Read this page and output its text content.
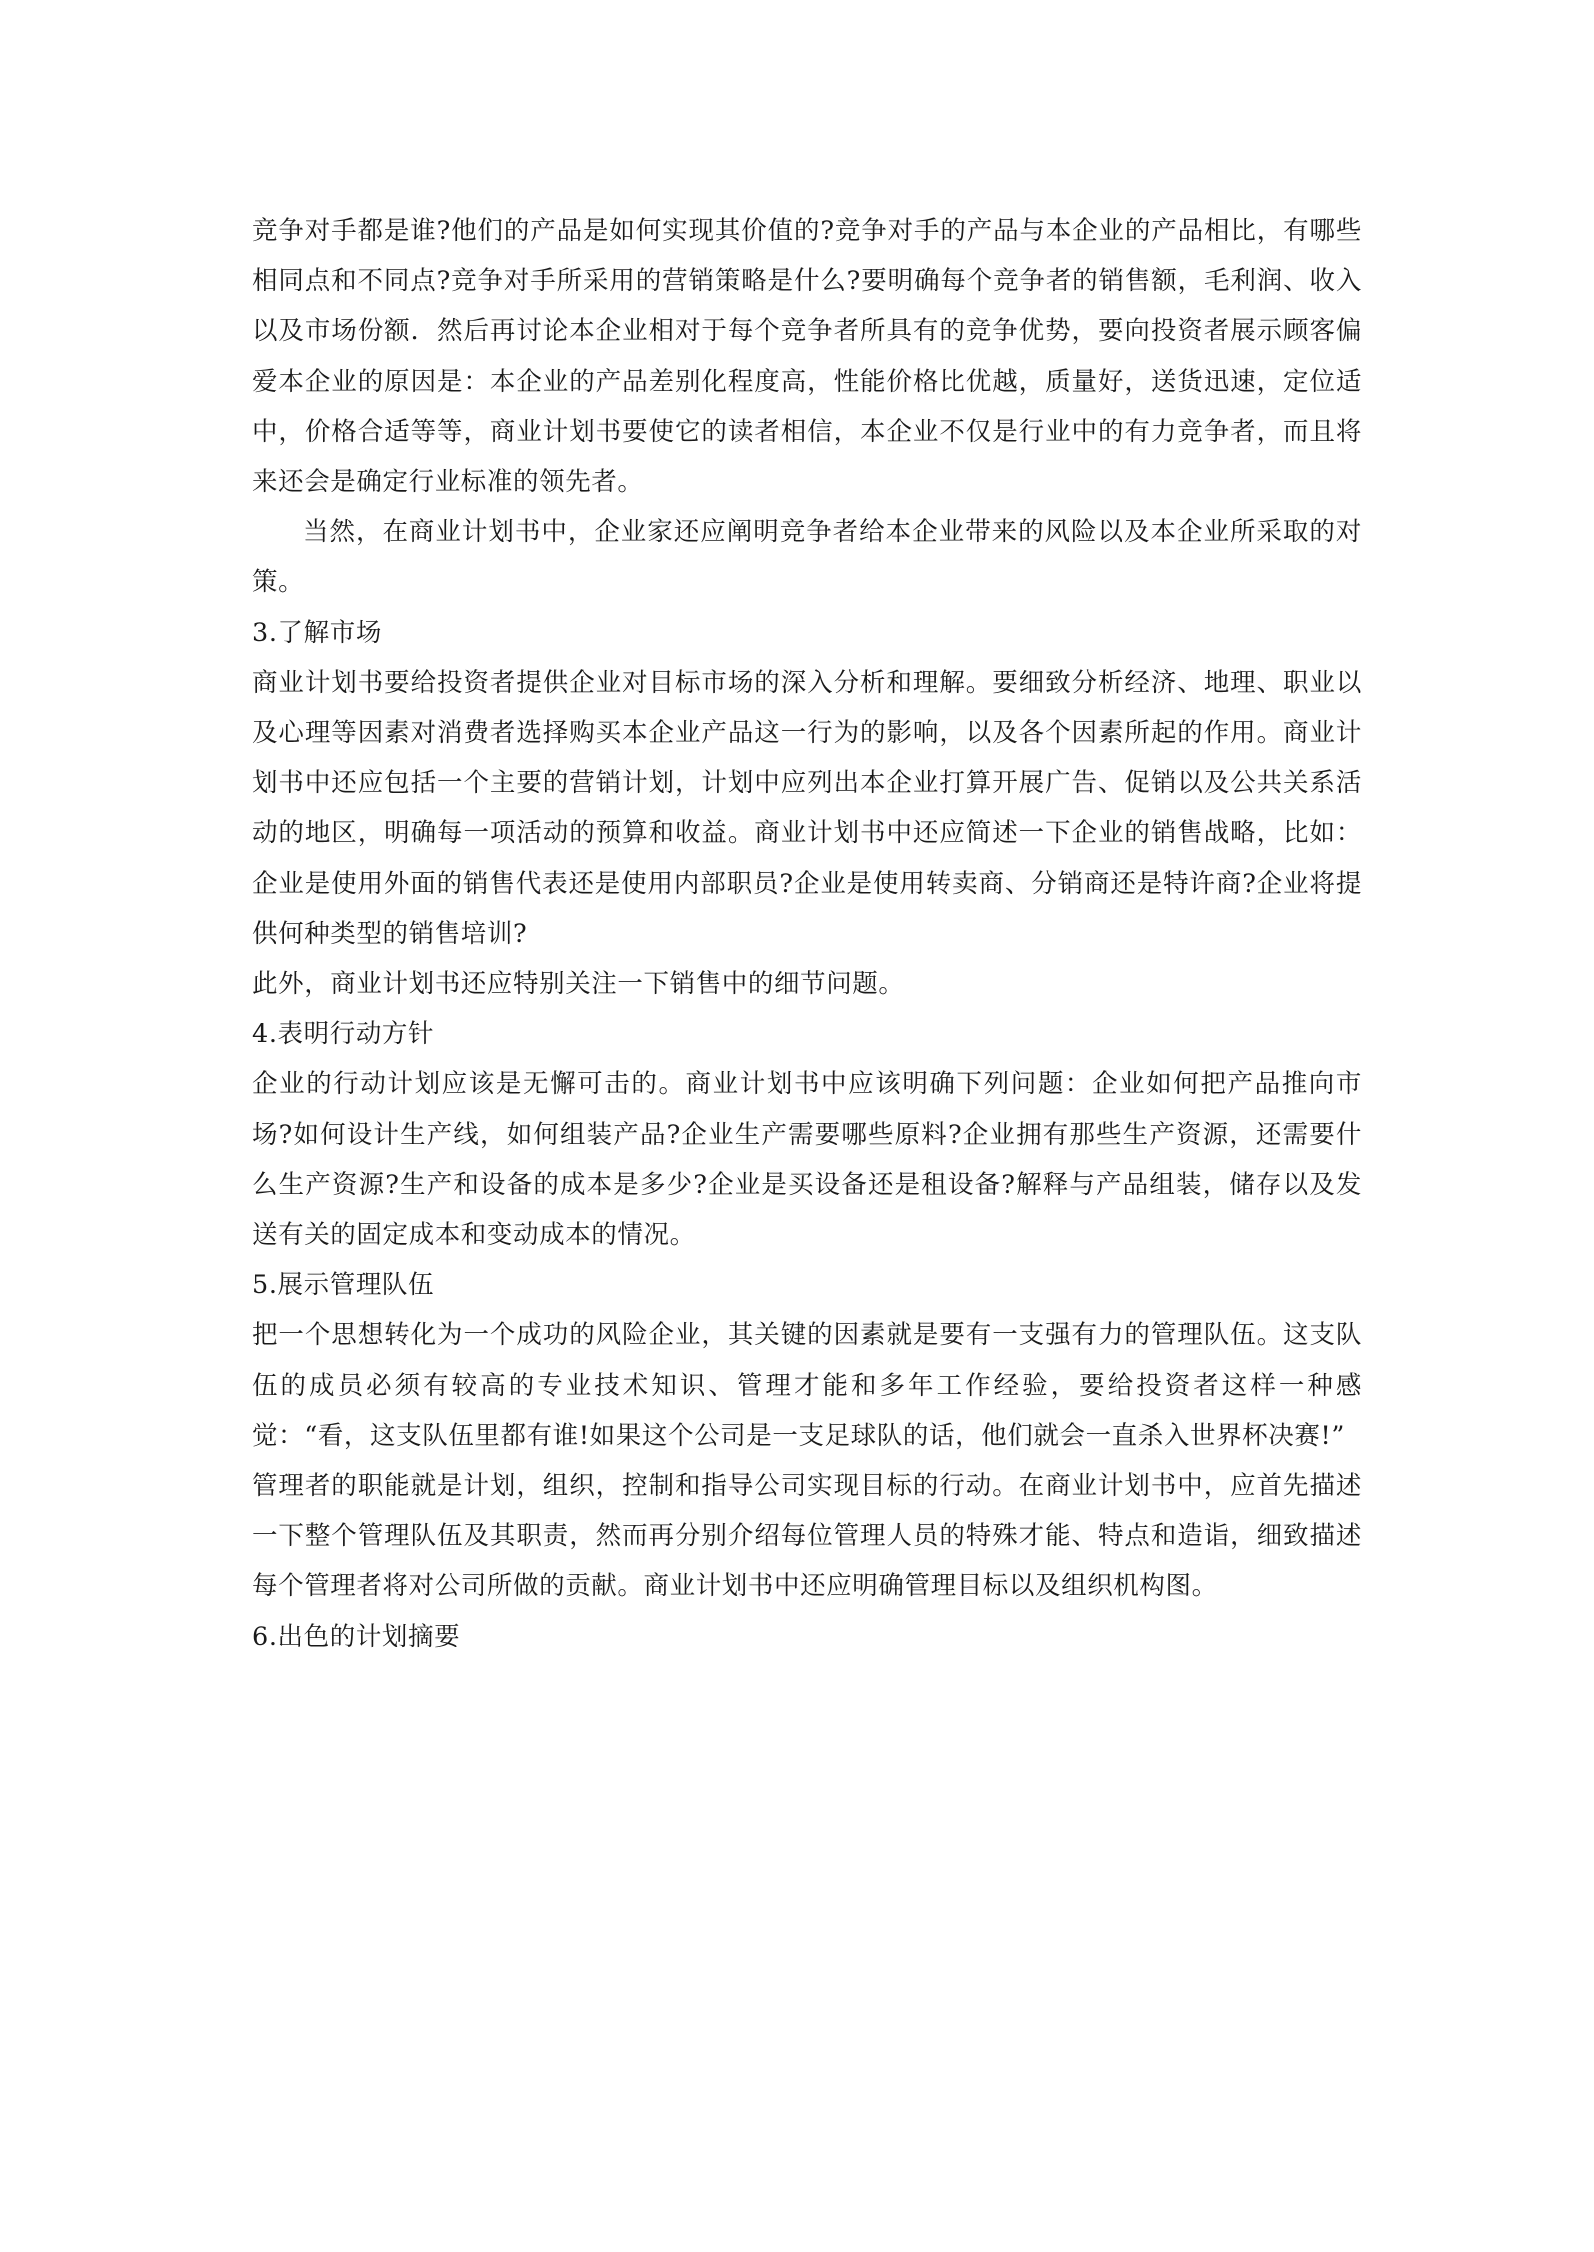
竞争对手都是谁?他们的产品是如何实现其价值的?竞争对手的产品与本企业的产品相比，有哪些相同点和不同点?竞争对手所采用的营销策略是什么?要明确每个竞争者的销售额，毛利润、收入以及市场份额．然后再讨论本企业相对于每个竞争者所具有的竞争优势，要向投资者展示顾客偏爱本企业的原因是：本企业的产品差别化程度高，性能价格比优越，质量好，送货迅速，定位适中，价格合适等等，商业计划书要使它的读者相信，本企业不仅是行业中的有力竞争者，而且将来还会是确定行业标准的领先者。

当然，在商业计划书中，企业家还应阐明竞争者给本企业带来的风险以及本企业所采取的对策。

3.了解市场

商业计划书要给投资者提供企业对目标市场的深入分析和理解。要细致分析经济、地理、职业以及心理等因素对消费者选择购买本企业产品这一行为的影响，以及各个因素所起的作用。商业计划书中还应包括一个主要的营销计划，计划中应列出本企业打算开展广告、促销以及公共关系活动的地区，明确每一项活动的预算和收益。商业计划书中还应简述一下企业的销售战略，比如：企业是使用外面的销售代表还是使用内部职员?企业是使用转卖商、分销商还是特许商?企业将提供何种类型的销售培训?

此外，商业计划书还应特别关注一下销售中的细节问题。

4.表明行动方针

企业的行动计划应该是无懈可击的。商业计划书中应该明确下列问题：企业如何把产品推向市场?如何设计生产线，如何组装产品?企业生产需要哪些原料?企业拥有那些生产资源，还需要什么生产资源?生产和设备的成本是多少?企业是买设备还是租设备?解释与产品组装，储存以及发送有关的固定成本和变动成本的情况。

5.展示管理队伍

把一个思想转化为一个成功的风险企业，其关键的因素就是要有一支强有力的管理队伍。这支队伍的成员必须有较高的专业技术知识、管理才能和多年工作经验，要给投资者这样一种感觉：“看，这支队伍里都有谁!如果这个公司是一支足球队的话，他们就会一直杀入世界杯决赛!”

管理者的职能就是计划，组织，控制和指导公司实现目标的行动。在商业计划书中，应首先描述一下整个管理队伍及其职责，然而再分别介绍每位管理人员的特殊才能、特点和造诣，细致描述每个管理者将对公司所做的贡献。商业计划书中还应明确管理目标以及组织机构图。

6.出色的计划摘要
